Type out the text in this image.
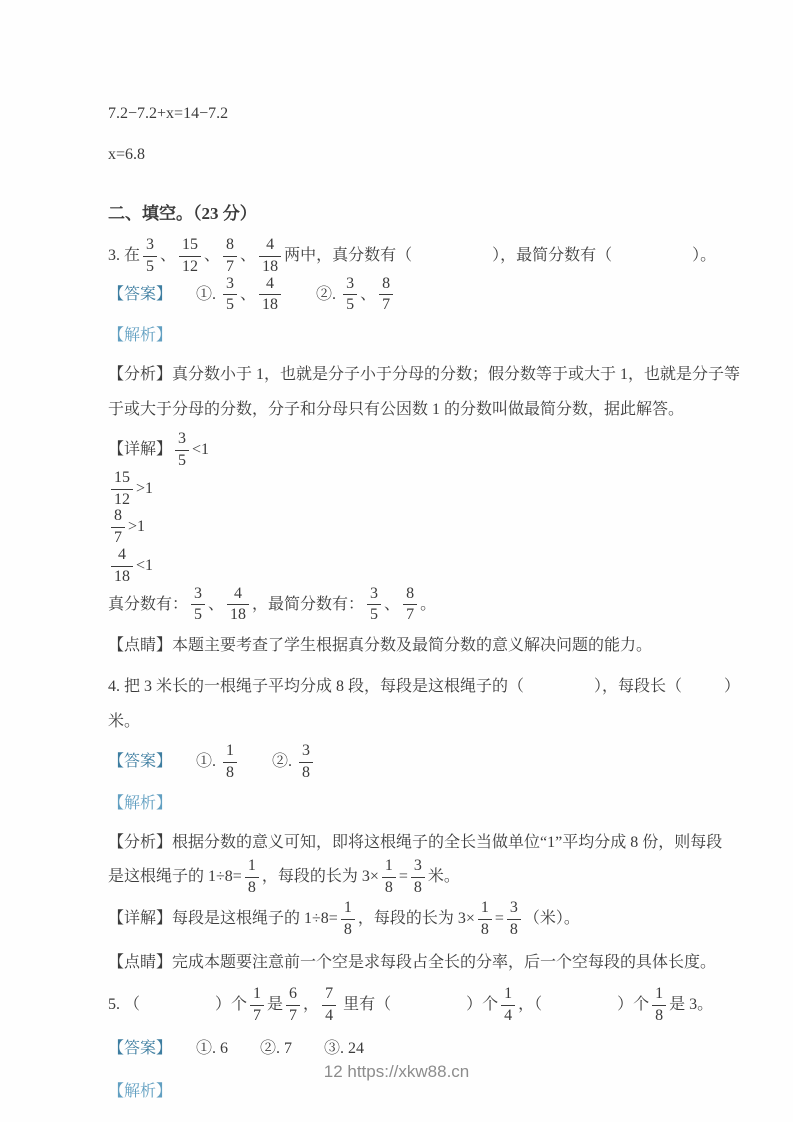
7.2−7.2+x=14−7.2
x=6.8
二、填空。（23 分）
3. 在 $\frac{3}{5}$ 、 $\frac{15}{12}$ 、 $\frac{8}{7}$ 、 $\frac{4}{18}$ 两中，真分数有（	），最简分数有（	）。
【答案】　　①. $\frac{3}{5}$ 、 $\frac{4}{18}$ 　　②. $\frac{3}{5}$ 、 $\frac{8}{7}$
【解析】
【分析】真分数小于 1，也就是分子小于分母的分数；假分数等于或大于 1，也就是分子等
于或大于分母的分数，分子和分母只有公因数 1 的分数叫做最简分数，据此解答。
【详解】 $\frac{3}{5} <1$
$\frac{15}{12} >1$
$\frac{8}{7} >1$
$\frac{4}{18} <1$
真分数有： $\frac{3}{5}$ 、 $\frac{4}{18}$ ，最简分数有： $\frac{3}{5}$ 、 $\frac{8}{7}$ 。
【点睛】本题主要考查了学生根据真分数及最简分数的意义解决问题的能力。
4. 把 3 米长的一根绳子平均分成 8 段，每段是这根绳子的（	），每段长（	）
米。
【答案】　　①. $\frac{1}{8}$ 　　②. $\frac{3}{8}$
【解析】
【分析】根据分数的意义可知，即将这根绳子的全长当做单位“1”平均分成 8 份，则每段
是这根绳子的 $1\div 8= \frac{1}{8}$ ，每段的长为 $3\times \frac{1}{8} = \frac{3}{8}$ 米。
【详解】每段是这根绳子的 $1\div 8= \frac{1}{8}$ ，每段的长为 $3\times \frac{1}{8} = \frac{3}{8}$ （米）。
【点睛】完成本题要注意前一个空是求每段占全长的分率，后一个空每段的具体长度。
5. （	）个 $\frac{1}{7}$ 是 $\frac{6}{7}$ ， $\frac{7}{4}$ 里有（	）个 $\frac{1}{4}$ ，（	）个 $\frac{1}{8}$ 是 3。
【答案】　　①. 6　　②. 7　　③. 24
【解析】
12 https://xkw88.cn
